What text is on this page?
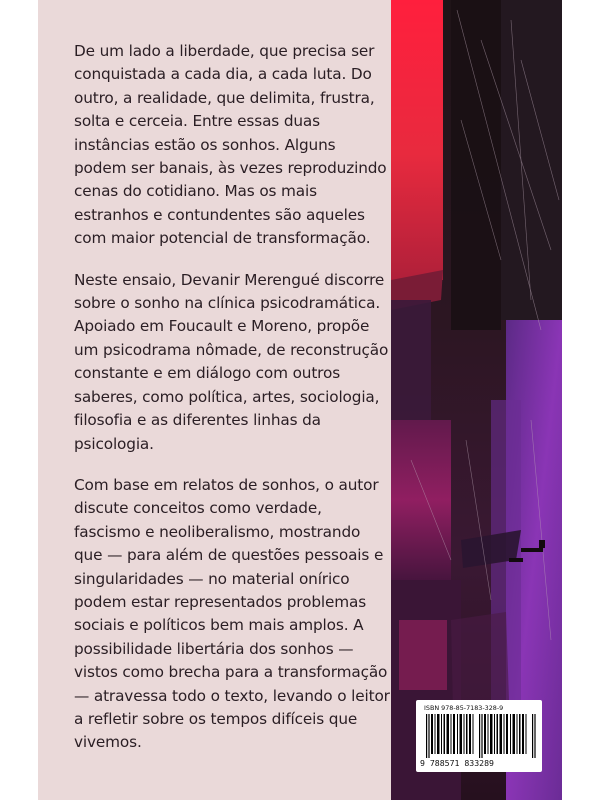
De um lado a liberdade, que precisa ser conquistada a cada dia, a cada luta. Do outro, a realidade, que delimita, frustra, solta e cerceia. Entre essas duas instâncias estão os sonhos. Alguns podem ser banais, às vezes reproduzindo cenas do cotidiano. Mas os mais estranhos e contundentes são aqueles com maior potencial de transformação.

Neste ensaio, Devanir Merengué discorre sobre o sonho na clínica psicodramática. Apoiado em Foucault e Moreno, propõe um psicodrama nômade, de reconstrução constante e em diálogo com outros saberes, como política, artes, sociologia, filosofia e as diferentes linhas da psicologia.

Com base em relatos de sonhos, o autor discute conceitos como verdade, fascismo e neoliberalismo, mostrando que — para além de questões pessoais e singularidades — no material onírico podem estar representados problemas sociais e políticos bem mais amplos. A possibilidade libertária dos sonhos — vistos como brecha para a transformação — atravessa todo o texto, levando o leitor a refletir sobre os tempos difíceis que vivemos.

ISBN 978-85-7183-328-9
9 788571 833289
